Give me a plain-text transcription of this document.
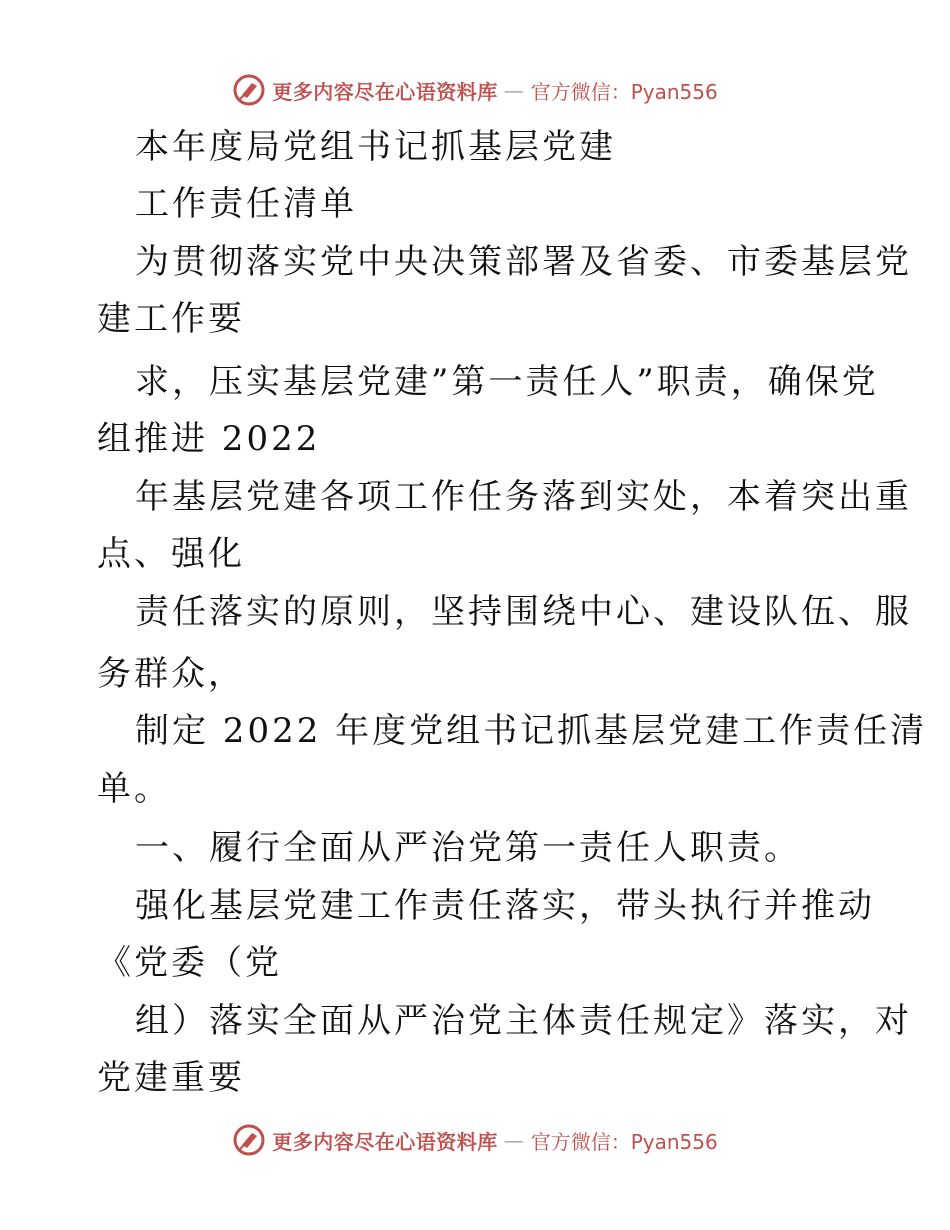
更多内容尽在心语资料库 — 官方微信：Pyan556
本年度局党组书记抓基层党建
工作责任清单
为贯彻落实党中央决策部署及省委、市委基层党
建工作要
求，压实基层党建”第一责任人”职责，确保党
组推进 2022
年基层党建各项工作任务落到实处，本着突出重
点、强化
责任落实的原则，坚持围绕中心、建设队伍、服
务群众，
制定 2022 年度党组书记抓基层党建工作责任清
单。
一、履行全面从严治党第一责任人职责。
强化基层党建工作责任落实，带头执行并推动
《党委（党
组）落实全面从严治党主体责任规定》落实，对
党建重要
更多内容尽在心语资料库 — 官方微信：Pyan556
